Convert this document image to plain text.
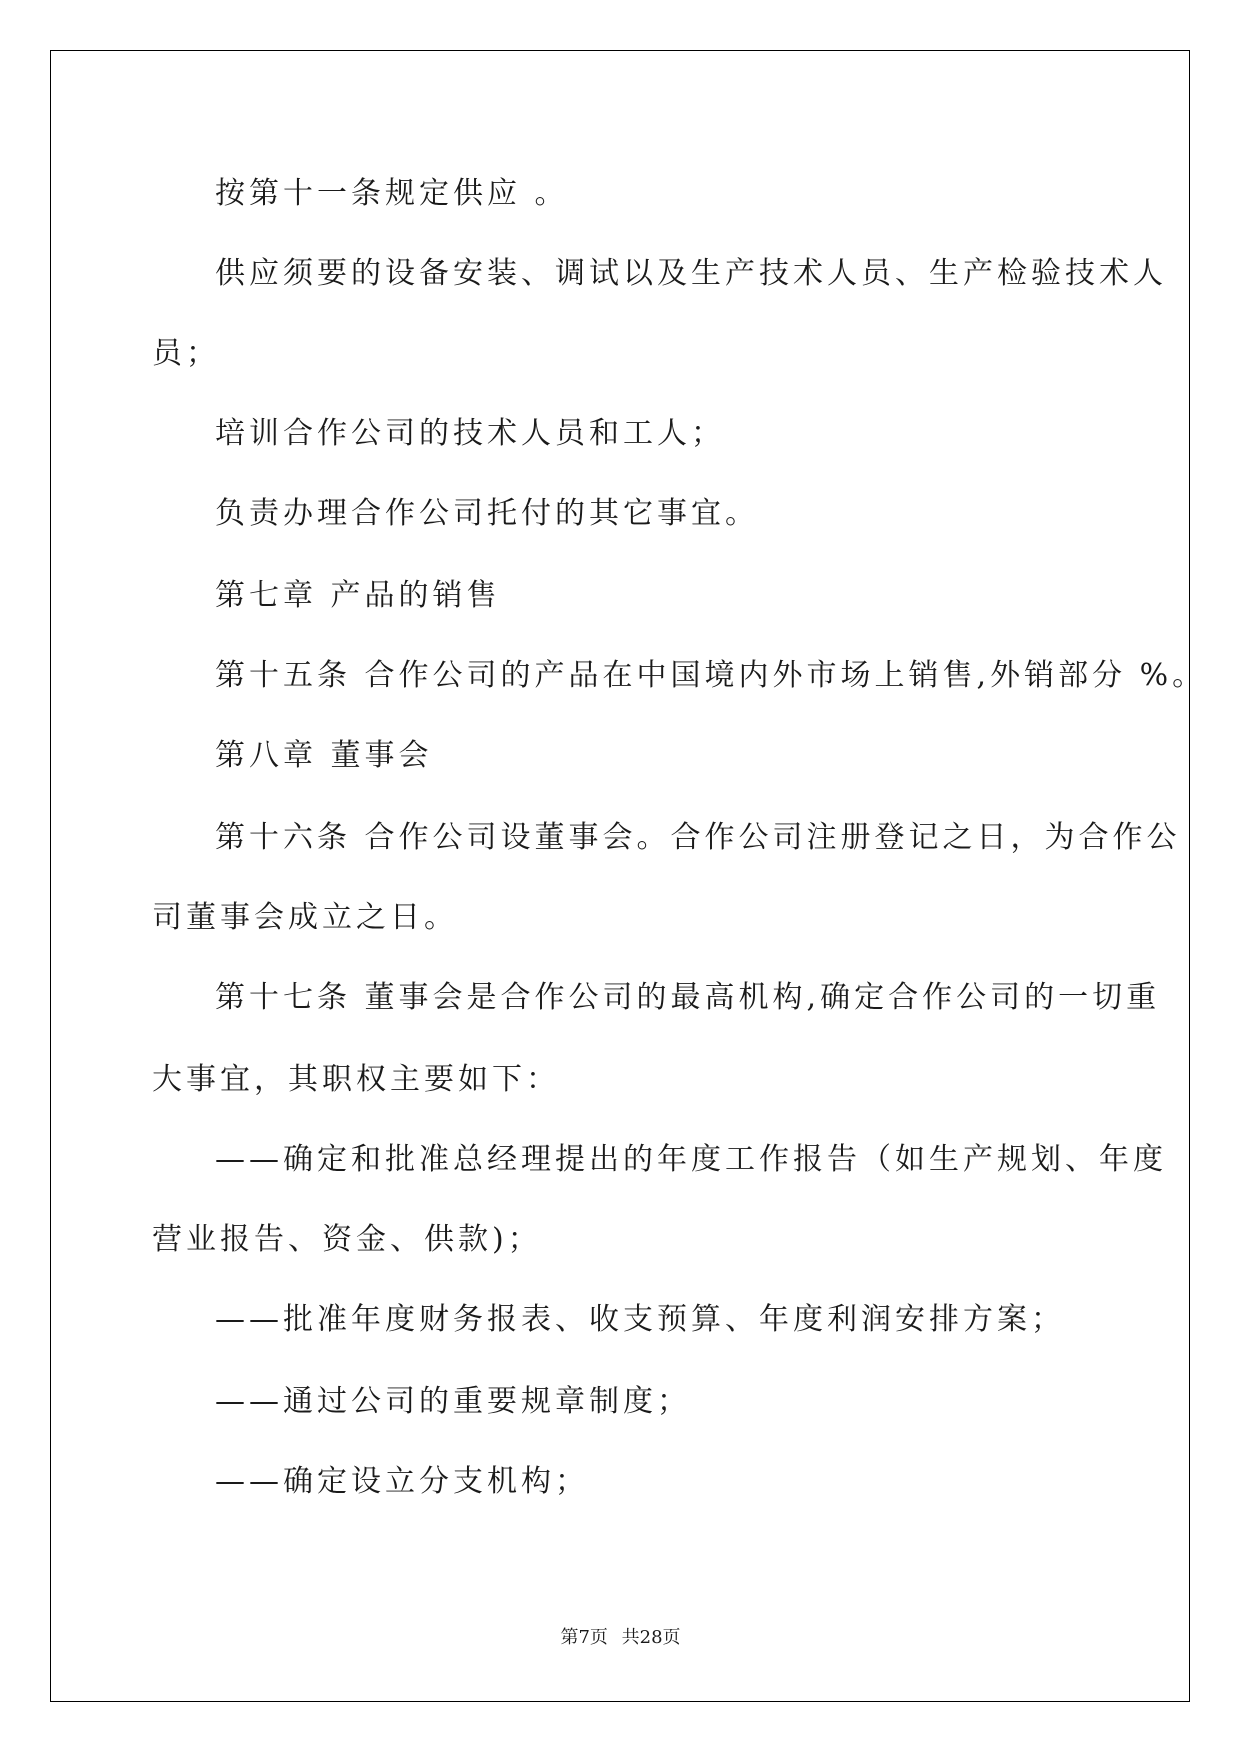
按第十一条规定供应 。
供应须要的设备安装、调试以及生产技术人员、生产检验技术人
员；
培训合作公司的技术人员和工人；
负责办理合作公司托付的其它事宜。
第七章 产品的销售
第十五条 合作公司的产品在中国境内外市场上销售,外销部分 %。
第八章 董事会
第十六条 合作公司设董事会。合作公司注册登记之日，为合作公
司董事会成立之日。
第十七条 董事会是合作公司的最高机构,确定合作公司的一切重
大事宜，其职权主要如下：
——确定和批准总经理提出的年度工作报告（如生产规划、年度
营业报告、资金、供款)；
——批准年度财务报表、收支预算、年度利润安排方案；
——通过公司的重要规章制度；
——确定设立分支机构；
第7页 共28页
